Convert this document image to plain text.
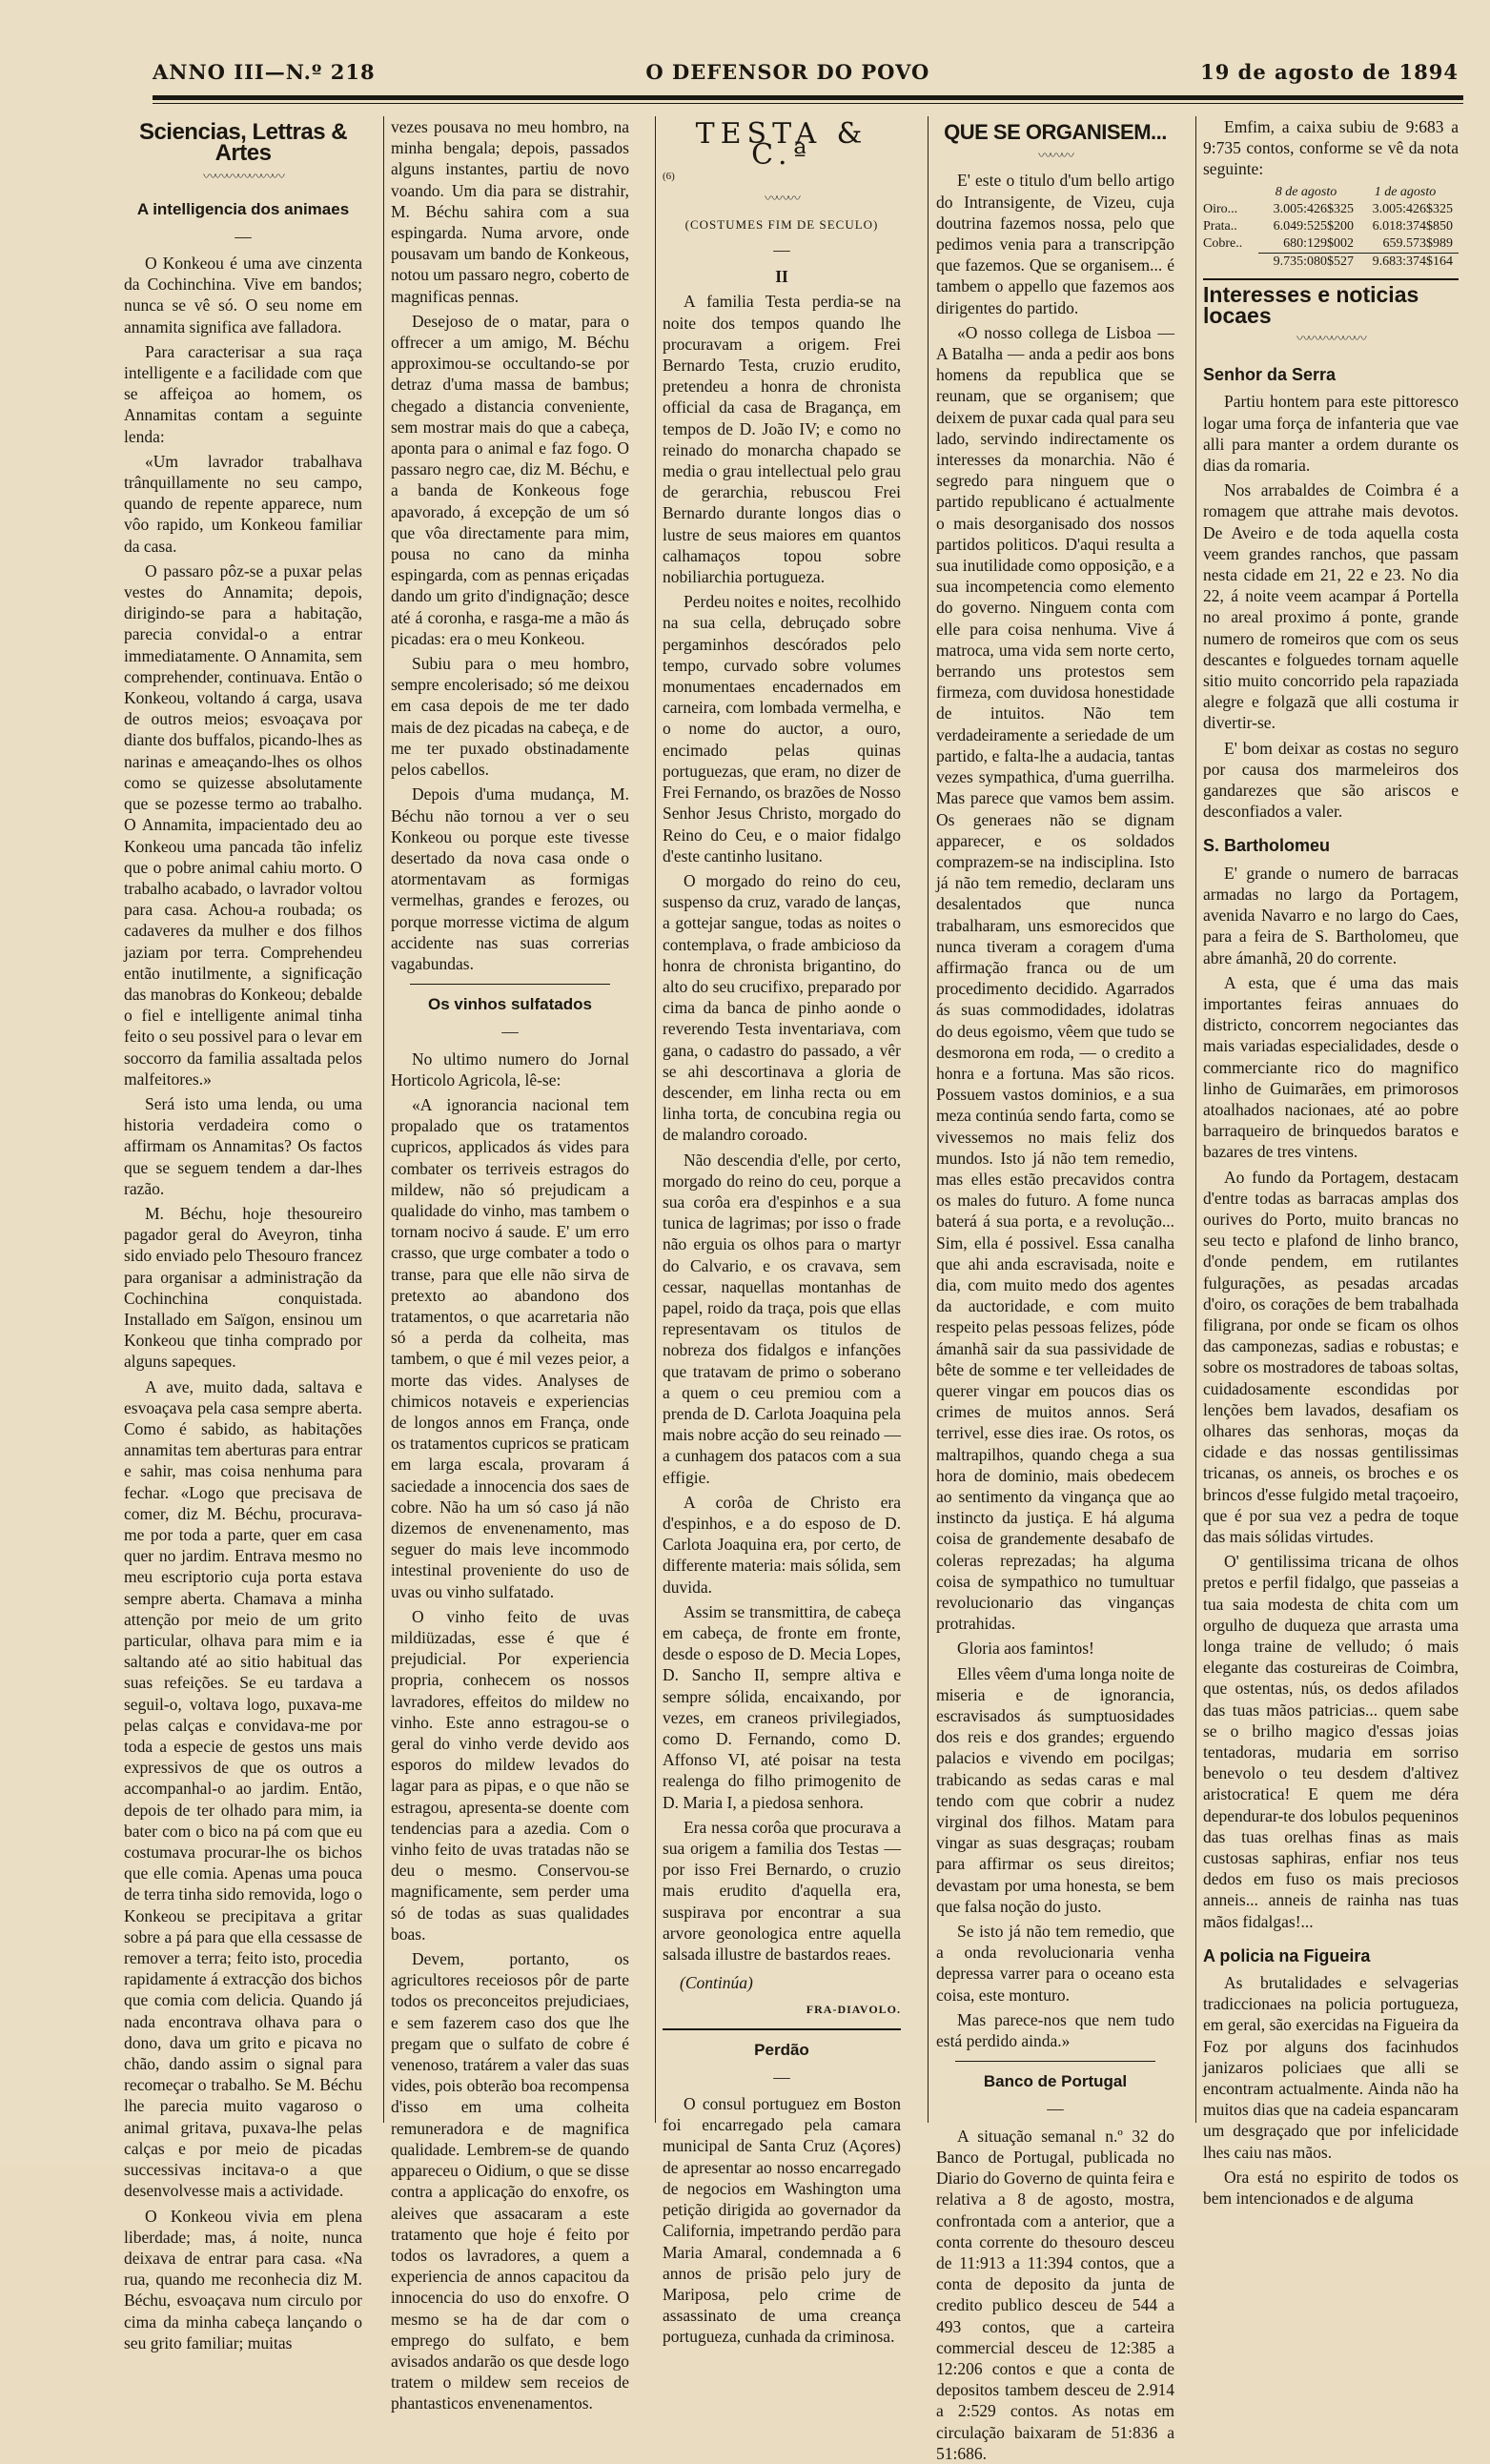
ANNO III—N.º 218	O DEFENSOR DO POVO	19 de agosto de 1894
Sciencias, Lettras & Artes
〰〰〰〰〰〰〰
A intelligencia dos animaes
—

O Konkeou é uma ave cinzenta da Cochinchina. Vive em bandos; nunca se vê só. O seu nome em annamita significa ave falladora.

Para caracterisar a sua raça intelligente e a facilidade com que se affeiçoa ao homem, os Annamitas contam a seguinte lenda:

«Um lavrador trabalhava trânquillamente no seu campo, quando de repente apparece, num vôo rapido, um Konkeou familiar da casa.

O passaro pôz-se a puxar pelas vestes do Annamita; depois, dirigindo-se para a habitação, parecia convidal-o a entrar immediatamente. O Annamita, sem comprehender, continuava. Então o Konkeou, voltando á carga, usava de outros meios; esvoaçava por diante dos buffalos, picando-lhes as narinas e ameaçando-lhes os olhos como se quizesse absolutamente que se pozesse termo ao trabalho. O Annamita, impacientado deu ao Konkeou uma pancada tão infeliz que o pobre animal cahiu morto. O trabalho acabado, o lavrador voltou para casa. Achou-a roubada; os cadaveres da mulher e dos filhos jaziam por terra. Comprehendeu então inutilmente, a significação das manobras do Konkeou; debalde o fiel e intelligente animal tinha feito o seu possivel para o levar em soccorro da familia assaltada pelos malfeitores.»

Será isto uma lenda, ou uma historia verdadeira como o affirmam os Annamitas? Os factos que se seguem tendem a dar-lhes razão.

M. Béchu, hoje thesoureiro pagador geral do Aveyron, tinha sido enviado pelo Thesouro francez para organisar a administração da Cochinchina conquistada. Installado em Saïgon, ensinou um Konkeou que tinha comprado por alguns sapeques.

A ave, muito dada, saltava e esvoaçava pela casa sempre aberta. Como é sabido, as habitações annamitas tem aberturas para entrar e sahir, mas coisa nenhuma para fechar. «Logo que precisava de comer, diz M. Béchu, procurava-me por toda a parte, quer em casa quer no jardim. Entrava mesmo no meu escriptorio cuja porta estava sempre aberta. Chamava a minha attenção por meio de um grito particular, olhava para mim e ia saltando até ao sitio habitual das suas refeições. Se eu tardava a seguil-o, voltava logo, puxava-me pelas calças e convidava-me por toda a especie de gestos uns mais expressivos de que os outros a accompanhal-o ao jardim. Então, depois de ter olhado para mim, ia bater com o bico na pá com que eu costumava procurar-lhe os bichos que elle comia. Apenas uma pouca de terra tinha sido removida, logo o Konkeou se precipitava a gritar sobre a pá para que ella cessasse de remover a terra; feito isto, procedia rapidamente á extracção dos bichos que comia com delicia. Quando já nada encontrava olhava para o dono, dava um grito e picava no chão, dando assim o signal para recomeçar o trabalho. Se M. Béchu lhe parecia muito vagaroso o animal gritava, puxava-lhe pelas calças e por meio de picadas successivas incitava-o a que desenvolvesse mais a actividade.

O Konkeou vivia em plena liberdade; mas, á noite, nunca deixava de entrar para casa. «Na rua, quando me reconhecia diz M. Béchu, esvoaçava num circulo por cima da minha cabeça lançando o seu grito familiar; muitas

vezes pousava no meu hombro, na minha bengala; depois, passados alguns instantes, partiu de novo voando. Um dia para se distrahir, M. Béchu sahira com a sua espingarda. Numa arvore, onde pousavam um bando de Konkeous, notou um passaro negro, coberto de magnificas pennas.

Desejoso de o matar, para o offrecer a um amigo, M. Béchu approximou-se occultando-se por detraz d'uma massa de bambus; chegado a distancia conveniente, sem mostrar mais do que a cabeça, aponta para o animal e faz fogo. O passaro negro cae, diz M. Béchu, e a banda de Konkeous foge apavorado, á excepção de um só que vôa directamente para mim, pousa no cano da minha espingarda, com as pennas eriçadas dando um grito d'indignação; desce até á coronha, e rasga-me a mão ás picadas: era o meu Konkeou.

Subiu para o meu hombro, sempre encolerisado; só me deixou em casa depois de me ter dado mais de dez picadas na cabeça, e de me ter puxado obstinadamente pelos cabellos.

Depois d'uma mudança, M. Béchu não tornou a ver o seu Konkeou ou porque este tivesse desertado da nova casa onde o atormentavam as formigas vermelhas, grandes e ferozes, ou porque morresse victima de algum accidente nas suas correrias vagabundas.

Os vinhos sulfatados
—

No ultimo numero do Jornal Horticolo Agricola, lê-se:

«A ignorancia nacional tem propalado que os tratamentos cupricos, applicados ás vides para combater os terriveis estragos do mildew, não só prejudicam a qualidade do vinho, mas tambem o tornam nocivo á saude. E' um erro crasso, que urge combater a todo o transe, para que elle não sirva de pretexto ao abandono dos tratamentos, o que acarretaria não só a perda da colheita, mas tambem, o que é mil vezes peior, a morte das vides. Analyses de chimicos notaveis e experiencias de longos annos em França, onde os tratamentos cupricos se praticam em larga escala, provaram á saciedade a innocencia dos saes de cobre. Não ha um só caso já não dizemos de envenenamento, mas seguer do mais leve incommodo intestinal proveniente do uso de uvas ou vinho sulfatado.

O vinho feito de uvas mildiüzadas, esse é que é prejudicial. Por experiencia propria, conhecem os nossos lavradores, effeitos do mildew no vinho. Este anno estragou-se o geral do vinho verde devido aos esporos do mildew levados do lagar para as pipas, e o que não se estragou, apresenta-se doente com tendencias para a azedia. Com o vinho feito de uvas tratadas não se deu o mesmo. Conservou-se magnificamente, sem perder uma só de todas as suas qualidades boas.

Devem, portanto, os agricultores receiosos pôr de parte todos os preconceitos prejudiciaes, e sem fazerem caso dos que lhe pregam que o sulfato de cobre é venenoso, tratárem a valer das suas vides, pois obterão boa recompensa d'isso em uma colheita remuneradora e de magnifica qualidade. Lembrem-se de quando appareceu o Oidium, o que se disse contra a applicação do enxofre, os aleives que assacaram a este tratamento que hoje é feito por todos os lavradores, a quem a experiencia de annos capacitou da innocencia do uso do enxofre. O mesmo se ha de dar com o emprego do sulfato, e bem avisados andarão os que desde logo tratem o mildew sem receios de phantasticos envenenamentos.

TESTA & C.ª
(6)
〰〰〰
(COSTUMES FIM DE SECULO)
—
II

A familia Testa perdia-se na noite dos tempos quando lhe procuravam a origem. Frei Bernardo Testa, cruzio erudito, pretendeu a honra de chronista official da casa de Bragança, em tempos de D. João IV; e como no reinado do monarcha chapado se media o grau intellectual pelo grau de gerarchia, rebuscou Frei Bernardo durante longos dias o lustre de seus maiores em quantos calhamaços topou sobre nobiliarchia portugueza.

Perdeu noites e noites, recolhido na sua cella, debruçado sobre pergaminhos descórados pelo tempo, curvado sobre volumes monumentaes encadernados em carneira, com lombada vermelha, e o nome do auctor, a ouro, encimado pelas quinas portuguezas, que eram, no dizer de Frei Fernando, os brazões de Nosso Senhor Jesus Christo, morgado do Reino do Ceu, e o maior fidalgo d'este cantinho lusitano.

O morgado do reino do ceu, suspenso da cruz, varado de lanças, a gottejar sangue, todas as noites o contemplava, o frade ambicioso da honra de chronista brigantino, do alto do seu crucifixo, preparado por cima da banca de pinho aonde o reverendo Testa inventariava, com gana, o cadastro do passado, a vêr se ahi descortinava a gloria de descender, em linha recta ou em linha torta, de concubina regia ou de malandro coroado.

Não descendia d'elle, por certo, morgado do reino do ceu, porque a sua corôa era d'espinhos e a sua tunica de lagrimas; por isso o frade não erguia os olhos para o martyr do Calvario, e os cravava, sem cessar, naquellas montanhas de papel, roido da traça, pois que ellas representavam os titulos de nobreza dos fidalgos e infanções que tratavam de primo o soberano a quem o ceu premiou com a prenda de D. Carlota Joaquina pela mais nobre acção do seu reinado — a cunhagem dos patacos com a sua effigie.

A corôa de Christo era d'espinhos, e a do esposo de D. Carlota Joaquina era, por certo, de differente materia: mais sólida, sem duvida.

Assim se transmittira, de cabeça em cabeça, de fronte em fronte, desde o esposo de D. Mecia Lopes, D. Sancho II, sempre altiva e sempre sólida, encaixando, por vezes, em craneos privilegiados, como D. Fernando, como D. Affonso VI, até poisar na testa realenga do filho primogenito de D. Maria I, a piedosa senhora.

Era nessa corôa que procurava a sua origem a familia dos Testas — por isso Frei Bernardo, o cruzio mais erudito d'aquella era, suspirava por encontrar a sua arvore geonologica entre aquella salsada illustre de bastardos reaes.

(Continúa)
FRA-DIAVOLO.
Perdão
—

O consul portuguez em Boston foi encarregado pela camara municipal de Santa Cruz (Açores) de apresentar ao nosso encarregado de negocios em Washington uma petição dirigida ao governador da California, impetrando perdão para Maria Amaral, condemnada a 6 annos de prisão pelo jury de Mariposa, pelo crime de assassinato de uma creança portugueza, cunhada da criminosa.

QUE SE ORGANISEM...
〰〰〰

E' este o titulo d'um bello artigo do Intransigente, de Vizeu, cuja doutrina fazemos nossa, pelo que pedimos venia para a transcripção que fazemos. Que se organisem... é tambem o appello que fazemos aos dirigentes do partido.

«O nosso collega de Lisboa — A Batalha — anda a pedir aos bons homens da republica que se reunam, que se organisem; que deixem de puxar cada qual para seu lado, servindo indirectamente os interesses da monarchia. Não é segredo para ninguem que o partido republicano é actualmente o mais desorganisado dos nossos partidos politicos. D'aqui resulta a sua inutilidade como opposição, e a sua incompetencia como elemento do governo. Ninguem conta com elle para coisa nenhuma. Vive á matroca, uma vida sem norte certo, berrando uns protestos sem firmeza, com duvidosa honestidade de intuitos. Não tem verdadeiramente a seriedade de um partido, e falta-lhe a audacia, tantas vezes sympathica, d'uma guerrilha. Mas parece que vamos bem assim. Os generaes não se dignam apparecer, e os soldados comprazem-se na indisciplina. Isto já não tem remedio, declaram uns desalentados que nunca trabalharam, uns esmorecidos que nunca tiveram a coragem d'uma affirmação franca ou de um procedimento decidido. Agarrados ás suas commodidades, idolatras do deus egoismo, vêem que tudo se desmorona em roda, — o credito a honra e a fortuna. Mas são ricos. Possuem vastos dominios, e a sua meza continúa sendo farta, como se vivessemos no mais feliz dos mundos. Isto já não tem remedio, mas elles estão precavidos contra os males do futuro. A fome nunca baterá á sua porta, e a revolução... Sim, ella é possivel. Essa canalha que ahi anda escravisada, noite e dia, com muito medo dos agentes da auctoridade, e com muito respeito pelas pessoas felizes, póde ámanhã sair da sua passividade de bête de somme e ter velleidades de querer vingar em poucos dias os crimes de muitos annos. Será terrivel, esse dies irae. Os rotos, os maltrapilhos, quando chega a sua hora de dominio, mais obedecem ao sentimento da vingança que ao instincto da justiça. E há alguma coisa de grandemente desabafo de coleras reprezadas; ha alguma coisa de sympathico no tumultuar revolucionario das vinganças protrahidas.

Gloria aos famintos!

Elles vêem d'uma longa noite de miseria e de ignorancia, escravisados ás sumptuosidades dos reis e dos grandes; erguendo palacios e vivendo em pocilgas; trabicando as sedas caras e mal tendo com que cobrir a nudez virginal dos filhos. Matam para vingar as suas desgraças; roubam para affirmar os seus direitos; devastam por uma honesta, se bem que falsa noção do justo.

Se isto já não tem remedio, que a onda revolucionaria venha depressa varrer para o oceano esta coisa, este monturo.

Mas parece-nos que nem tudo está perdido ainda.»

Banco de Portugal
—

A situação semanal n.º 32 do Banco de Portugal, publicada no Diario do Governo de quinta feira e relativa a 8 de agosto, mostra, confrontada com a anterior, que a conta corrente do thesouro desceu de 11:913 a 11:394 contos, que a conta de deposito da junta de credito publico desceu de 544 a 493 contos, que a carteira commercial desceu de 12:385 a 12:206 contos e que a conta de depositos tambem desceu de 2.914 a 2:529 contos. As notas em circulação baixaram de 51:836 a 51:686.

Emfim, a caixa subiu de 9:683 a 9:735 contos, conforme se vê da nota seguinte:

8 de agosto	1 de agosto
Oiro...	3.005:426$325	3.005:426$325
Prata..	6.049:525$200	6.018:374$850
Cobre..	680:129$002	659.573$989
9.735:080$527	9.683:374$164
Interesses e noticias locaes
〰〰〰〰〰〰
Senhor da Serra

Partiu hontem para este pittoresco logar uma força de infanteria que vae alli para manter a ordem durante os dias da romaria.

Nos arrabaldes de Coimbra é a romagem que attrahe mais devotos. De Aveiro e de toda aquella costa veem grandes ranchos, que passam nesta cidade em 21, 22 e 23. No dia 22, á noite veem acampar á Portella no areal proximo á ponte, grande numero de romeiros que com os seus descantes e folguedes tornam aquelle sitio muito concorrido pela rapaziada alegre e folgazã que alli costuma ir divertir-se.

E' bom deixar as costas no seguro por causa dos marmeleiros dos gandarezes que são ariscos e desconfiados a valer.

S. Bartholomeu

E' grande o numero de barracas armadas no largo da Portagem, avenida Navarro e no largo do Caes, para a feira de S. Bartholomeu, que abre ámanhã, 20 do corrente.

A esta, que é uma das mais importantes feiras annuaes do districto, concorrem negociantes das mais variadas especialidades, desde o commerciante rico do magnifico linho de Guimarães, em primorosos atoalhados nacionaes, até ao pobre barraqueiro de brinquedos baratos e bazares de tres vintens.

Ao fundo da Portagem, destacam d'entre todas as barracas amplas dos ourives do Porto, muito brancas no seu tecto e plafond de linho branco, d'onde pendem, em rutilantes fulgurações, as pesadas arcadas d'oiro, os corações de bem trabalhada filigrana, por onde se ficam os olhos das camponezas, sadias e robustas; e sobre os mostradores de taboas soltas, cuidadosamente escondidas por lenções bem lavados, desafiam os olhares das senhoras, moças da cidade e das nossas gentilissimas tricanas, os anneis, os broches e os brincos d'esse fulgido metal traçoeiro, que é por sua vez a pedra de toque das mais sólidas virtudes.

O' gentilissima tricana de olhos pretos e perfil fidalgo, que passeias a tua saia modesta de chita com um orgulho de duqueza que arrasta uma longa traine de velludo; ó mais elegante das costureiras de Coimbra, que ostentas, nús, os dedos afilados das tuas mãos patricias... quem sabe se o brilho magico d'essas joias tentadoras, mudaria em sorriso benevolo o teu desdem d'altivez aristocratica! E quem me déra dependurar-te dos lobulos pequeninos das tuas orelhas finas as mais custosas saphiras, enfiar nos teus dedos em fuso os mais preciosos anneis... anneis de rainha nas tuas mãos fidalgas!...

A policia na Figueira

As brutalidades e selvagerias tradiccionaes na policia portugueza, em geral, são exercidas na Figueira da Foz por alguns dos facinhudos janizaros policiaes que alli se encontram actualmente. Ainda não ha muitos dias que na cadeia espancaram um desgraçado que por infelicidade lhes caiu nas mãos.

Ora está no espirito de todos os bem intencionados e de alguma
